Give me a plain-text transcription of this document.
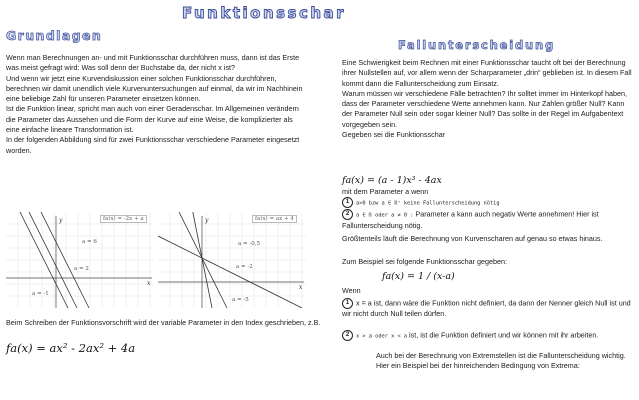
Funktionsschar
Grundlagen

Wenn man Berechnungen an- und mit Funktionsschar durchführen muss, dann ist das Erste was meist gefragt wird: Was soll denn der Buchstabe da, der nicht x ist?

Und wenn wir jetzt eine Kurvendiskussion einer solchen Funktionsschar durchführen, berechnen wir damit unendlich viele Kurvenuntersuchungen auf einmal, da wir im Nachhinein eine beliebige Zahl für unseren Parameter einsetzen können.

Ist die Funktion linear, spricht man auch von einer Geradenschar. Im Allgemeinen verändern die Parameter das Aussehen und die Form der Kurve auf eine Weise, die komplizierter als eine einfache lineare Transformation ist.

In der folgenden Abbildung sind für zwei Funktionsschar verschiedene Parameter eingesetzt worden.

x
y
a = 6
a = 2
a = -1
fa(x) = -2x + a
x
y
a = -0,5
a = -2
a = -5
fa(x) = ax + 4
Beim Schreiben der Funktionsvorschrift wird der variable Parameter in den Index geschrieben, z.B.
fa(x) = ax² - 2ax² + 4a
Fallunterscheidung

Eine Schwierigkeit beim Rechnen mit einer Funktionsschar taucht oft bei der Berechnung ihrer Nullstellen auf, vor allem wenn der Scharparameter „drin“ geblieben ist. In diesem Fall kommt dann die Fallunterscheidung zum Einsatz.

Warum müssen wir verschiedene Fälle betrachten? Ihr solltet immer im Hinterkopf haben, dass der Parameter verschiedene Werte annehmen kann. Nur Zahlen größer Null? Kann der Parameter Null sein oder sogar kleiner Null? Das sollte in der Regel im Aufgabentext vorgegeben sein.

Gegeben sei die Funktionsschar

fa(x) = (a - 1)x³ - 4ax
mit dem Parameter a wenn
1 a>0 bzw a ∈ ℝ⁺ keine Fallunterscheidung nötig
2 a ∈ ℝ oder a ≠ 0 : Parameter a kann auch negativ Werte annehmen! Hier ist Fallunterscheidung nötig.
Größtenteils läuft die Berechnung von Kurvenscharen auf genau so etwas hinaus.
Zum Beispiel sei folgende Funktionsschar gegeben:
fa(x) = 1 / (x-a)
Wenn
1 x = a ist, dann wäre die Funktion nicht definiert, da dann der Nenner gleich Null ist und wir nicht durch Null teilen dürfen.
2 x > a oder x < a ist, ist die Funktion definiert und wir können mit ihr arbeiten.
Auch bei der Berechnung von Extremstellen ist die Fallunterscheidung wichtig. Hier ein Beispiel bei der hinreichenden Bedingung von Extrema:
